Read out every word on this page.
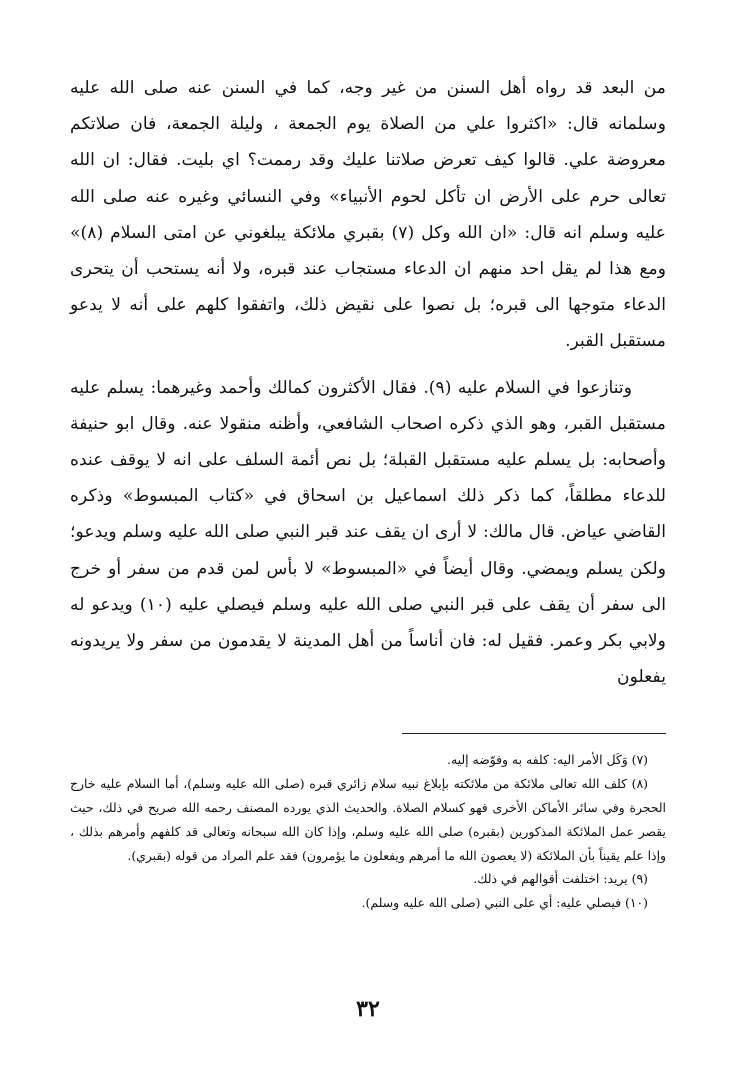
من البعد قد رواه أهل السنن من غير وجه، كما في السنن عنه صلى الله عليه وسلمانه قال: «اكثروا علي من الصلاة يوم الجمعة ، وليلة الجمعة، فان صلاتكم معروضة علي. قالوا كيف تعرض صلاتنا عليك وقد رممت؟ اي بليت. فقال: ان الله تعالى حرم على الأرض ان تأكل لحوم الأنبياء» وفي النسائي وغيره عنه صلى الله عليه وسلم انه قال: «ان الله وكل (٧) بقبري ملائكة يبلغوني عن امتى السلام (٨)» ومع هذا لم يقل احد منهم ان الدعاء مستجاب عند قبره، ولا أنه يستحب أن يتحرى الدعاء متوجها الى قبره؛ بل نصوا على نقيض ذلك، واتفقوا كلهم على أنه لا يدعو مستقبل القبر.

وتنازعوا في السلام عليه (٩). فقال الأكثرون كمالك وأحمد وغيرهما: يسلم عليه مستقبل القبر، وهو الذي ذكره اصحاب الشافعي، وأظنه منقولا عنه. وقال ابو حنيفة وأصحابه: بل يسلم عليه مستقبل القبلة؛ بل نص أئمة السلف على انه لا يوقف عنده للدعاء مطلقاً، كما ذكر ذلك اسماعيل بن اسحاق في «كتاب المبسوط» وذكره القاضي عياض. قال مالك: لا أرى ان يقف عند قبر النبي صلى الله عليه وسلم ويدعو؛ ولكن يسلم ويمضي. وقال أيضاً في «المبسوط» لا بأس لمن قدم من سفر أو خرج الى سفر أن يقف على قبر النبي صلى الله عليه وسلم فيصلي عليه (١٠) ويدعو له ولابي بكر وعمر. فقيل له: فان أناساً من أهل المدينة لا يقدمون من سفر ولا يريدونه يفعلون

(٧) وَكَل الأمر اليه: كلفه به وفوّضه إليه.

(٨) كلف الله تعالى ملائكة من ملائكته بإبلاغ نبيه سلام زائري قبره (صلى الله عليه وسلم)، أما السلام عليه خارج الحجرة وفي سائر الأماكن الأخرى فهو كسلام الصلاة. والحديث الذي يورده المصنف رحمه الله صريح في ذلك، حيث يقصر عمل الملائكة المذكورين (بقبره) صلى الله عليه وسلم، وإذا كان الله سبحانه وتعالى قد كلفهم وأمرهم بذلك ، وإذا علم يقيناً بأن الملائكة (لا يعصون الله ما أمرهم ويفعلون ما يؤمرون) فقد علم المراد من قوله (بقبري).

(٩) يريد: اختلفت أقوالهم في ذلك.

(١٠) فيصلي عليه: أي على النبي (صلى الله عليه وسلم).

٣٢
